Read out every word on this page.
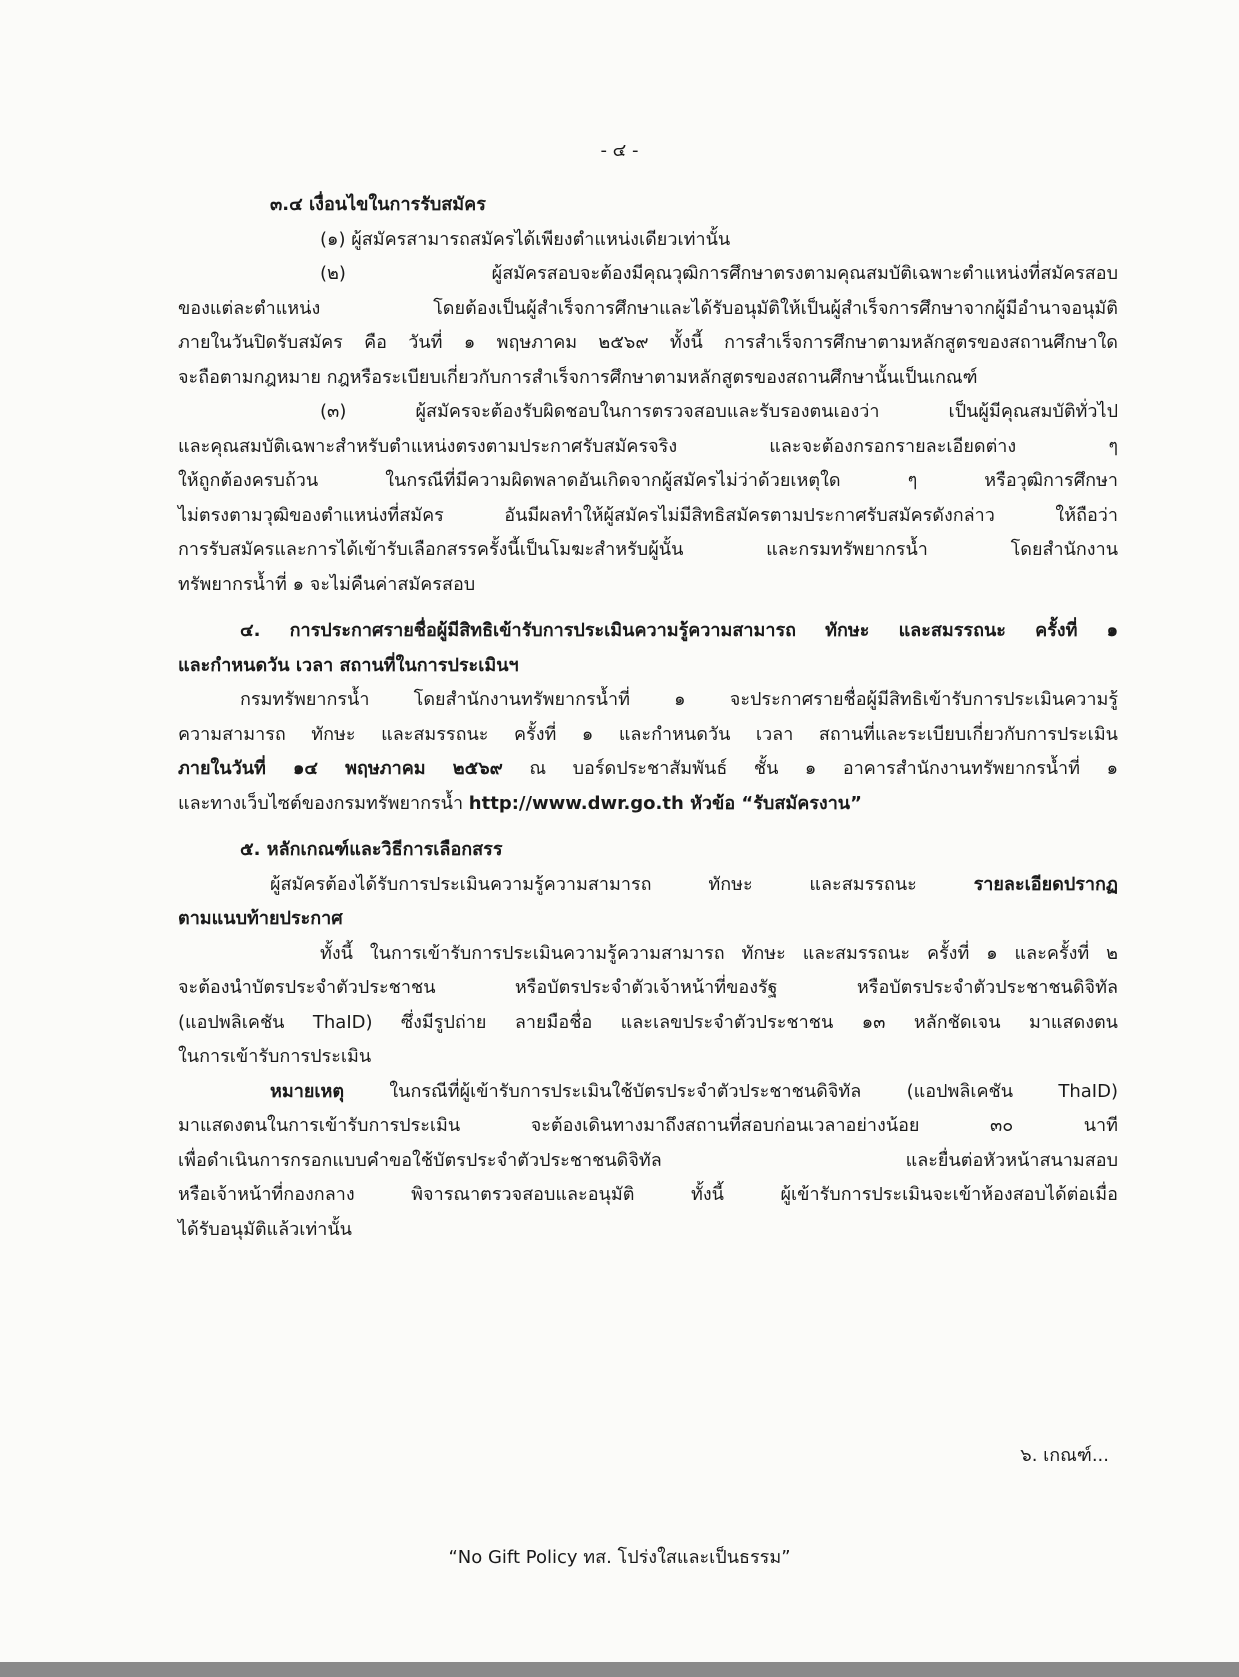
- ๔ -

๓.๔ เงื่อนไขในการรับสมัคร

(๑) ผู้สมัครสามารถสมัครได้เพียงตำแหน่งเดียวเท่านั้น

(๒) ผู้สมัครสอบจะต้องมีคุณวุฒิการศึกษาตรงตามคุณสมบัติเฉพาะตำแหน่งที่สมัครสอบ

ของแต่ละตำแหน่ง โดยต้องเป็นผู้สำเร็จการศึกษาและได้รับอนุมัติให้เป็นผู้สำเร็จการศึกษาจากผู้มีอำนาจอนุมัติ

ภายในวันปิดรับสมัคร คือ วันที่ ๑ พฤษภาคม ๒๕๖๙ ทั้งนี้ การสำเร็จการศึกษาตามหลักสูตรของสถานศึกษาใด

จะถือตามกฎหมาย กฎหรือระเบียบเกี่ยวกับการสำเร็จการศึกษาตามหลักสูตรของสถานศึกษานั้นเป็นเกณฑ์

(๓) ผู้สมัครจะต้องรับผิดชอบในการตรวจสอบและรับรองตนเองว่า เป็นผู้มีคุณสมบัติทั่วไป

และคุณสมบัติเฉพาะสำหรับตำแหน่งตรงตามประกาศรับสมัครจริง และจะต้องกรอกรายละเอียดต่าง ๆ

ให้ถูกต้องครบถ้วน ในกรณีที่มีความผิดพลาดอันเกิดจากผู้สมัครไม่ว่าด้วยเหตุใด ๆ หรือวุฒิการศึกษา

ไม่ตรงตามวุฒิของตำแหน่งที่สมัคร อันมีผลทำให้ผู้สมัครไม่มีสิทธิสมัครตามประกาศรับสมัครดังกล่าว ให้ถือว่า

การรับสมัครและการได้เข้ารับเลือกสรรครั้งนี้เป็นโมฆะสำหรับผู้นั้น และกรมทรัพยากรน้ำ โดยสำนักงาน

ทรัพยากรน้ำที่ ๑ จะไม่คืนค่าสมัครสอบ

๔. การประกาศรายชื่อผู้มีสิทธิเข้ารับการประเมินความรู้ความสามารถ ทักษะ และสมรรถนะ ครั้งที่ ๑

และกำหนดวัน เวลา สถานที่ในการประเมินฯ

กรมทรัพยากรน้ำ โดยสำนักงานทรัพยากรน้ำที่ ๑ จะประกาศรายชื่อผู้มีสิทธิเข้ารับการประเมินความรู้

ความสามารถ ทักษะ และสมรรถนะ ครั้งที่ ๑ และกำหนดวัน เวลา สถานที่และระเบียบเกี่ยวกับการประเมิน

ภายในวันที่ ๑๔ พฤษภาคม ๒๕๖๙ ณ บอร์ดประชาสัมพันธ์ ชั้น ๑ อาคารสำนักงานทรัพยากรน้ำที่ ๑

และทางเว็บไซต์ของกรมทรัพยากรน้ำ http://www.dwr.go.th หัวข้อ “รับสมัครงาน”

๕. หลักเกณฑ์และวิธีการเลือกสรร

ผู้สมัครต้องได้รับการประเมินความรู้ความสามารถ ทักษะ และสมรรถนะ รายละเอียดปรากฏ

ตามแนบท้ายประกาศ

ทั้งนี้ ในการเข้ารับการประเมินความรู้ความสามารถ ทักษะ และสมรรถนะ ครั้งที่ ๑ และครั้งที่ ๒

จะต้องนำบัตรประจำตัวประชาชน หรือบัตรประจำตัวเจ้าหน้าที่ของรัฐ หรือบัตรประจำตัวประชาชนดิจิทัล

(แอปพลิเคชัน ThaID) ซึ่งมีรูปถ่าย ลายมือชื่อ และเลขประจำตัวประชาชน ๑๓ หลักชัดเจน มาแสดงตน

ในการเข้ารับการประเมิน

หมายเหตุ ในกรณีที่ผู้เข้ารับการประเมินใช้บัตรประจำตัวประชาชนดิจิทัล (แอปพลิเคชัน ThaID)

มาแสดงตนในการเข้ารับการประเมิน จะต้องเดินทางมาถึงสถานที่สอบก่อนเวลาอย่างน้อย ๓๐ นาที

เพื่อดำเนินการกรอกแบบคำขอใช้บัตรประจำตัวประชาชนดิจิทัล และยื่นต่อหัวหน้าสนามสอบ

หรือเจ้าหน้าที่กองกลาง พิจารณาตรวจสอบและอนุมัติ ทั้งนี้ ผู้เข้ารับการประเมินจะเข้าห้องสอบได้ต่อเมื่อ

ได้รับอนุมัติแล้วเท่านั้น

๖. เกณฑ์...
“No Gift Policy ทส. โปร่งใสและเป็นธรรม”
